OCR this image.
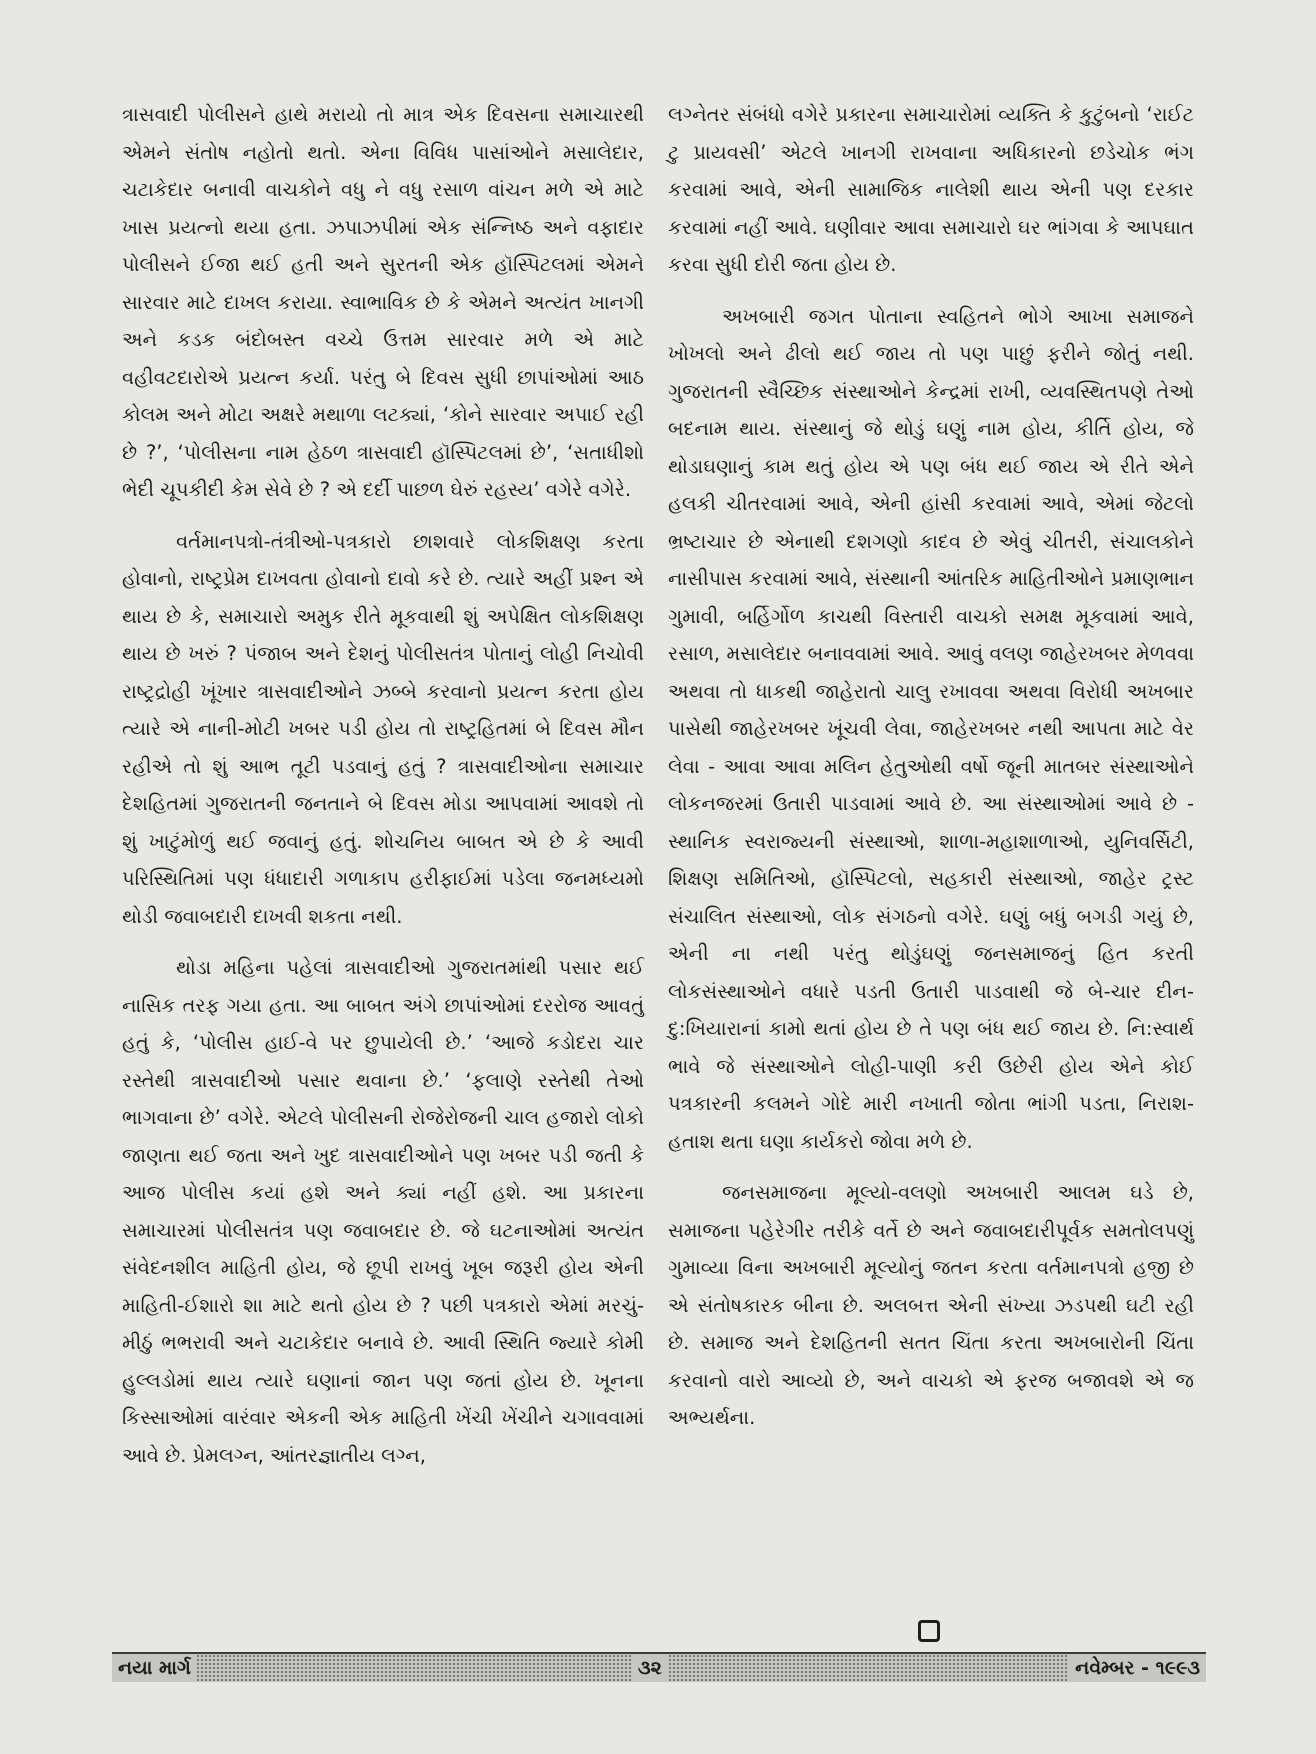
ત્રાસવાદી પોલીસને હાથે મરાયો તો માત્ર એક દિવસના સમાચારથી એમને સંતોષ નહોતો થતો. એના વિવિધ પાસાંઓને મસાલેદાર, ચટાકેદાર બનાવી વાચકોને વધુ ને વધુ રસાળ વાંચન મળે એ માટે ખાસ પ્રયત્નો થયા હતા. ઝપાઝપીમાં એક સંન્નિષ્ઠ અને વફાદાર પોલીસને ઈજા થઈ હતી અને સુરતની એક હૉસ્પિટલમાં એમને સારવાર માટે દાખલ કરાયા. સ્વાભાવિક છે કે એમને અત્યંત ખાનગી અને કડક બંદોબસ્ત વચ્ચે ઉત્તમ સારવાર મળે એ માટે વહીવટદારોએ પ્રયત્ન કર્યા. પરંતુ બે દિવસ સુધી છાપાંઓમાં આઠ કોલમ અને મોટા અક્ષરે મથાળા લટક્યાં, ‘કોને સારવાર અપાઈ રહી છે ?’, ‘પોલીસના નામ હેઠળ ત્રાસવાદી હૉસ્પિટલમાં છે’, ‘સતાધીશો ભેદી ચૂપકીદી કેમ સેવે છે ? એ દર્દી પાછળ ઘેરું રહસ્ય’ વગેરે વગેરે.

વર્તમાનપત્રો-તંત્રીઓ-પત્રકારો છાશવારે લોકશિક્ષણ કરતા હોવાનો, રાષ્ટ્રપ્રેમ દાખવતા હોવાનો દાવો કરે છે. ત્યારે અહીં પ્રશ્ન એ થાય છે કે, સમાચારો અમુક રીતે મૂકવાથી શું અપેક્ષિત લોકશિક્ષણ થાય છે ખરું ? પંજાબ અને દેશનું પોલીસતંત્ર પોતાનું લોહી નિચોવી રાષ્ટ્રદ્રોહી ખૂંખાર ત્રાસવાદીઓને ઝબ્બે કરવાનો પ્રયત્ન કરતા હોય ત્યારે એ નાની-મોટી ખબર પડી હોય તો રાષ્ટ્રહિતમાં બે દિવસ મૌન રહીએ તો શું આભ તૂટી પડવાનું હતું ? ત્રાસવાદીઓના સમાચાર દેશહિતમાં ગુજરાતની જનતાને બે દિવસ મોડા આપવામાં આવશે તો શું ખાટુંમોળું થઈ જવાનું હતું. શોચનિય બાબત એ છે કે આવી પરિસ્થિતિમાં પણ ધંધાદારી ગળાકાપ હરીફાઈમાં પડેલા જનમધ્યમો થોડી જવાબદારી દાખવી શકતા નથી.

થોડા મહિના પહેલાં ત્રાસવાદીઓ ગુજરાતમાંથી પસાર થઈ નાસિક તરફ ગયા હતા. આ બાબત અંગે છાપાંઓમાં દરરોજ આવતું હતું કે, ‘પોલીસ હાઈ-વે પર છુપાયેલી છે.’ ‘આજે કડોદરા ચાર રસ્તેથી ત્રાસવાદીઓ પસાર થવાના છે.’ ‘ફલાણે રસ્તેથી તેઓ ભાગવાના છે’ વગેરે. એટલે પોલીસની રોજેરોજની ચાલ હજારો લોકો જાણતા થઈ જતા અને ખુદ ત્રાસવાદીઓને પણ ખબર પડી જતી કે આજ પોલીસ કયાં હશે અને ક્યાં નહીં હશે. આ પ્રકારના સમાચારમાં પોલીસતંત્ર પણ જવાબદાર છે. જે ઘટનાઓમાં અત્યંત સંવેદનશીલ માહિતી હોય, જે છૂપી રાખવું ખૂબ જરૂરી હોય એની માહિતી-ઈશારો શા માટે થતો હોય છે ? પછી પત્રકારો એમાં મરચું-મીઠું ભભરાવી અને ચટાકેદાર બનાવે છે. આવી સ્થિતિ જ્યારે કોમી હુલ્લડોમાં થાય ત્યારે ઘણાનાં જાન પણ જતાં હોય છે. ખૂનના કિસ્સાઓમાં વારંવાર એકની એક માહિતી ખેંચી ખેંચીને ચગાવવામાં આવે છે. પ્રેમલગ્ન, આંતરજ્ઞાતીય લગ્ન,

લગ્નેતર સંબંધો વગેરે પ્રકારના સમાચારોમાં વ્યક્તિ કે કુટુંબનો ‘રાઈટ ટુ પ્રાયવસી’ એટલે ખાનગી રાખવાના અધિકારનો છડેચોક ભંગ કરવામાં આવે, એની સામાજિક નાલેશી થાય એની પણ દરકાર કરવામાં નહીં આવે. ઘણીવાર આવા સમાચારો ઘર ભાંગવા કે આપઘાત કરવા સુધી દોરી જતા હોય છે.

અખબારી જગત પોતાના સ્વહિતને ભોગે આખા સમાજને ખોખલો અને ઢીલો થઈ જાય તો પણ પાછું ફરીને જોતું નથી. ગુજરાતની સ્વૈચ્છિક સંસ્થાઓને કેન્દ્રમાં રાખી, વ્યવસ્થિતપણે તેઓ બદનામ થાય. સંસ્થાનું જે થોડું ઘણું નામ હોય, કીર્તિ હોય, જે થોડાઘણાનું કામ થતું હોય એ પણ બંધ થઈ જાય એ રીતે એને હલકી ચીતરવામાં આવે, એની હાંસી કરવામાં આવે, એમાં જેટલો ભ્રષ્ટાચાર છે એનાથી દશગણો કાદવ છે એવું ચીતરી, સંચાલકોને નાસીપાસ કરવામાં આવે, સંસ્થાની આંતરિક માહિતીઓને પ્રમાણભાન ગુમાવી, બર્હિર્ગોળ કાચથી વિસ્તારી વાચકો સમક્ષ મૂકવામાં આવે, રસાળ, મસાલેદાર બનાવવામાં આવે. આવું વલણ જાહેરખબર મેળવવા અથવા તો ધાકથી જાહેરાતો ચાલુ રખાવવા અથવા વિરોધી અખબાર પાસેથી જાહેરખબર ખૂંચવી લેવા, જાહેરખબર નથી આપતા માટે વેર લેવા - આવા આવા મલિન હેતુઓથી વર્ષો જૂની માતબર સંસ્થાઓને લોકનજરમાં ઉતારી પાડવામાં આવે છે. આ સંસ્થાઓમાં આવે છે - સ્થાનિક સ્વરાજ્યની સંસ્થાઓ, શાળા-મહાશાળાઓ, યુનિવર્સિટી, શિક્ષણ સમિતિઓ, હૉસ્પિટલો, સહકારી સંસ્થાઓ, જાહેર ટ્રસ્ટ સંચાલિત સંસ્થાઓ, લોક સંગઠનો વગેરે. ઘણું બધું બગડી ગયું છે, એની ના નથી પરંતુ થોડુંઘણું જનસમાજનું હિત કરતી લોકસંસ્થાઓને વધારે પડતી ઉતારી પાડવાથી જે બે-ચાર દીન-દુ:ખિયારાનાં કામો થતાં હોય છે તે પણ બંધ થઈ જાય છે. નિ:સ્વાર્થ ભાવે જે સંસ્થાઓને લોહી-પાણી કરી ઉછેરી હોય એને કોઈ પત્રકારની કલમને ગોદે મારી નખાતી જોતા ભાંગી પડતા, નિરાશ-હતાશ થતા ઘણા કાર્યકરો જોવા મળે છે.

જનસમાજના મૂલ્યો-વલણો અખબારી આલમ ઘડે છે, સમાજના પહેરેગીર તરીકે વર્તે છે અને જવાબદારીપૂર્વક સમતોલપણું ગુમાવ્યા વિના અખબારી મૂલ્યોનું જતન કરતા વર્તમાનપત્રો હજી છે એ સંતોષકારક બીના છે. અલબત્ત એની સંખ્યા ઝડપથી ઘટી રહી છે. સમાજ અને દેશહિતની સતત ચિંતા કરતા અખબારોની ચિંતા કરવાનો વારો આવ્યો છે, અને વાચકો એ ફરજ બજાવશે એ જ અભ્યર્થના.

નયા માર્ગ	૩૨	નવેમ્બર - ૧૯૯૩
